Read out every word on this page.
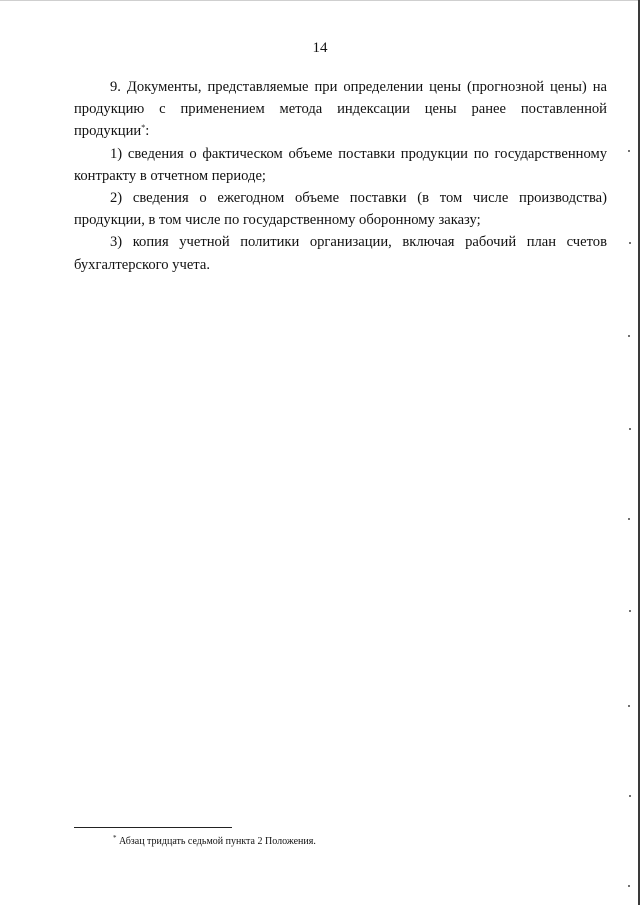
14

9. Документы, представляемые при определении цены (прогнозной цены) на продукцию с применением метода индексации цены ранее поставленной продукции*:

1) сведения о фактическом объеме поставки продукции по государственному контракту в отчетном периоде;

2) сведения о ежегодном объеме поставки (в том числе производства) продукции, в том числе по государственному оборонному заказу;

3) копия учетной политики организации, включая рабочий план счетов бухгалтерского учета.

* Абзац тридцать седьмой пункта 2 Положения.
